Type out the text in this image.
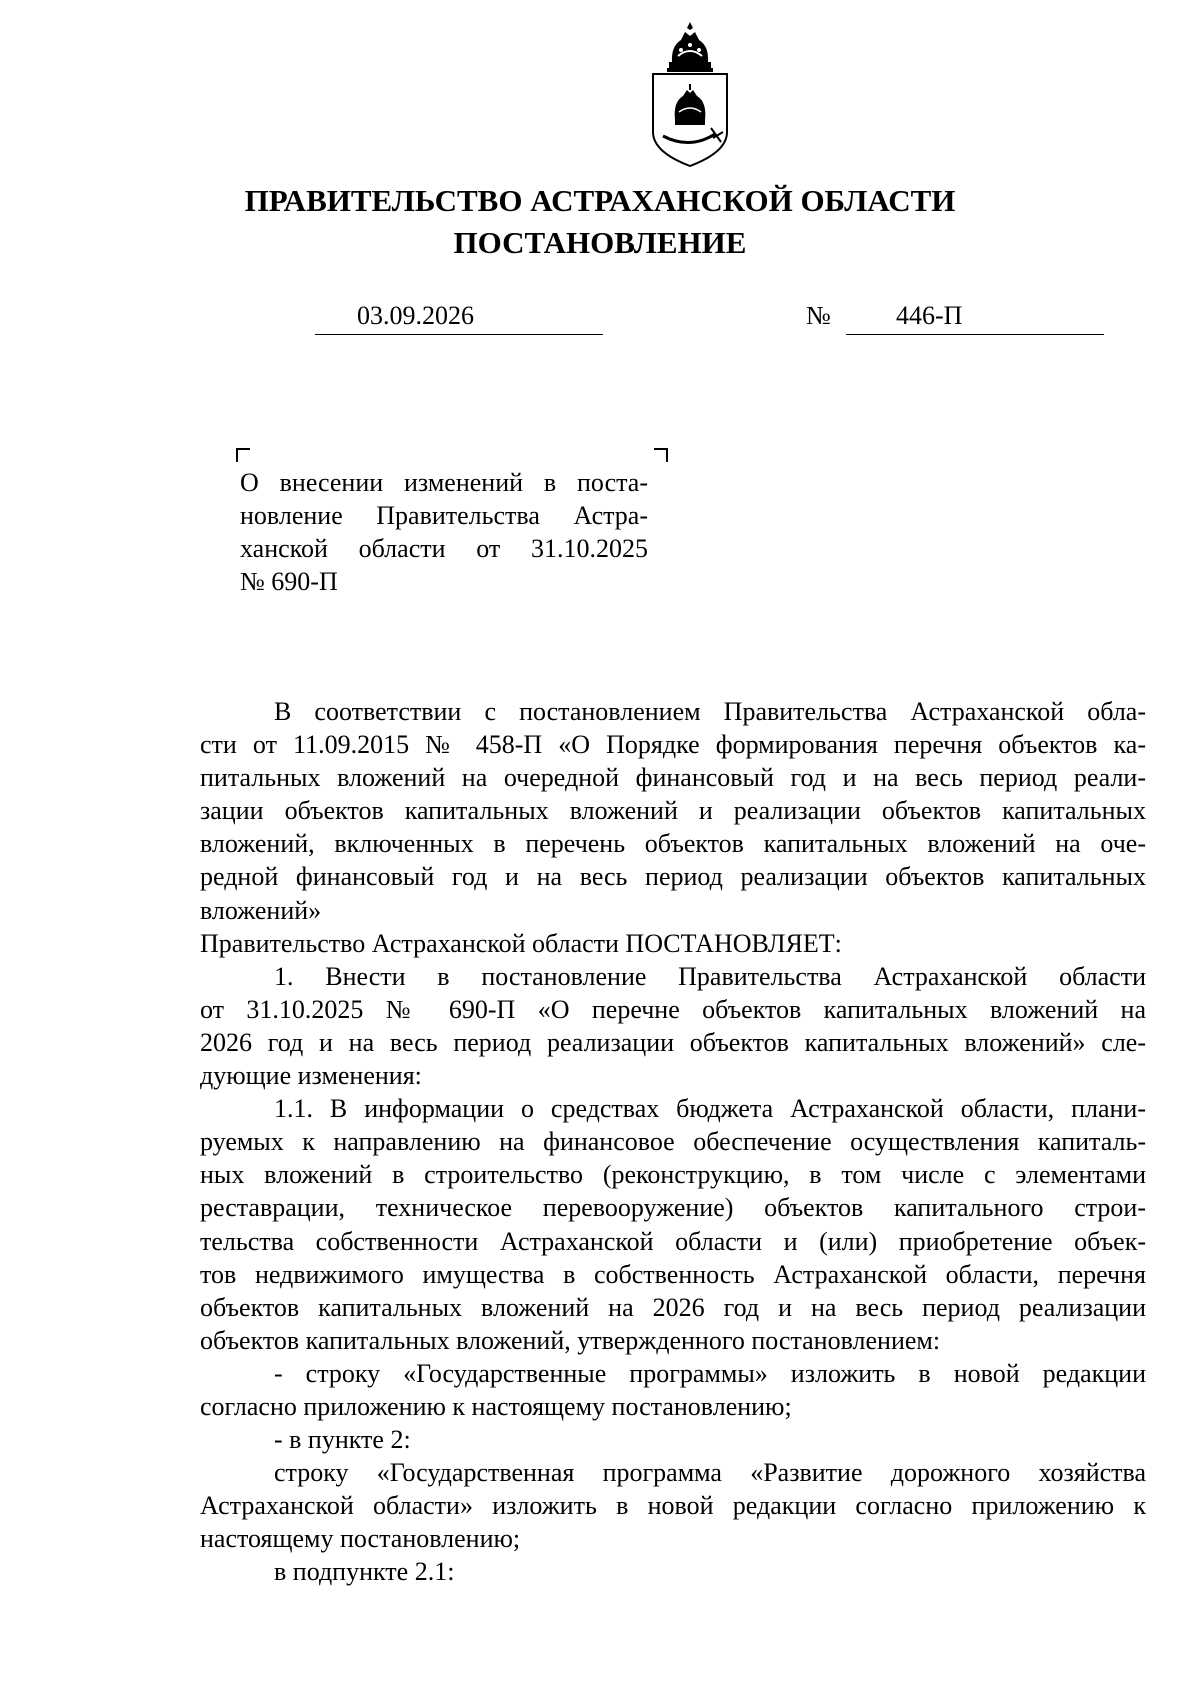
ПРАВИТЕЛЬСТВО АСТРАХАНСКОЙ ОБЛАСТИ
ПОСТАНОВЛЕНИЕ
03.09.2026	№	446-П
О внесении изменений в поста-
новление Правительства Астра-
ханской области от 31.10.2025
№ 690-П
В соответствии с постановлением Правительства Астраханской обла-
сти от 11.09.2015 № 458-П «О Порядке формирования перечня объектов ка-
питальных вложений на очередной финансовый год и на весь период реали-
зации объектов капитальных вложений и реализации объектов капитальных
вложений, включенных в перечень объектов капитальных вложений на оче-
редной финансовый год и на весь период реализации объектов капитальных
вложений»
Правительство Астраханской области ПОСТАНОВЛЯЕТ:
1. Внести в постановление Правительства Астраханской области
от 31.10.2025 № 690-П «О перечне объектов капитальных вложений на
2026 год и на весь период реализации объектов капитальных вложений» сле-
дующие изменения:
1.1. В информации о средствах бюджета Астраханской области, плани-
руемых к направлению на финансовое обеспечение осуществления капиталь-
ных вложений в строительство (реконструкцию, в том числе с элементами
реставрации, техническое перевооружение) объектов капитального строи-
тельства собственности Астраханской области и (или) приобретение объек-
тов недвижимого имущества в собственность Астраханской области, перечня
объектов капитальных вложений на 2026 год и на весь период реализации
объектов капитальных вложений, утвержденного постановлением:
- строку «Государственные программы» изложить в новой редакции
согласно приложению к настоящему постановлению;
- в пункте 2:
строку «Государственная программа «Развитие дорожного хозяйства
Астраханской области» изложить в новой редакции согласно приложению к
настоящему постановлению;
в подпункте 2.1:
